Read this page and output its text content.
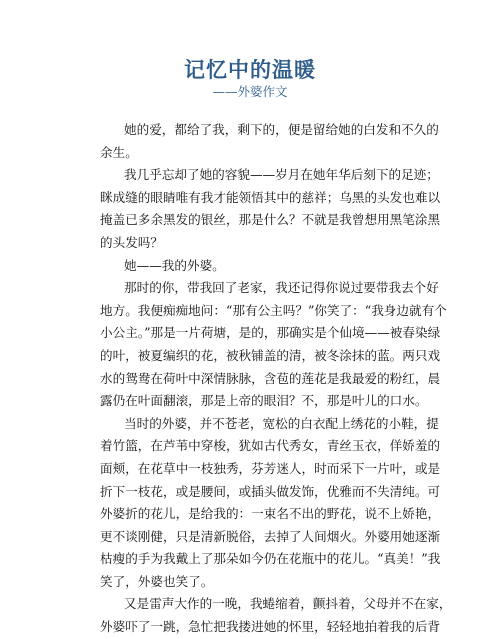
记忆中的温暖
——外婆作文
她的爱，都给了我，剩下的，便是留给她的白发和不久的
余生。
我几乎忘却了她的容貌——岁月在她年华后刻下的足迹；
眯成缝的眼睛唯有我才能领悟其中的慈祥；乌黑的头发也难以
掩盖已多余黑发的银丝，那是什么？不就是我曾想用黑笔涂黑
的头发吗？
她——我的外婆。
那时的你，带我回了老家，我还记得你说过要带我去个好
地方。我便痴痴地问：“那有公主吗？”你笑了：“我身边就有个
小公主。”那是一片荷塘，是的，那确实是个仙境——被春染绿
的叶，被夏编织的花，被秋铺盖的清，被冬涂抹的蓝。两只戏
水的鸳鸯在荷叶中深情脉脉，含苞的莲花是我最爱的粉红，晨
露仍在叶面翻滚，那是上帝的眼泪？不，那是叶儿的口水。
当时的外婆，并不苍老，宽松的白衣配上绣花的小鞋，提
着竹篮，在芦苇中穿梭，犹如古代秀女，青丝玉衣，佯娇羞的
面颊，在花草中一枝独秀，芬芳迷人，时而采下一片叶，或是
折下一枝花，或是腰间，或插头做发饰，优雅而不失清纯。可
外婆折的花儿，是给我的：一束名不出的野花，说不上娇艳，
更不谈刚健，只是清新脱俗，去掉了人间烟火。外婆用她逐渐
枯瘦的手为我戴上了那朵如今仍在花瓶中的花儿。“真美！”我
笑了，外婆也笑了。
又是雷声大作的一晚，我蜷缩着，颤抖着，父母并不在家，
外婆吓了一跳，急忙把我搂进她的怀里，轻轻地拍着我的后背
